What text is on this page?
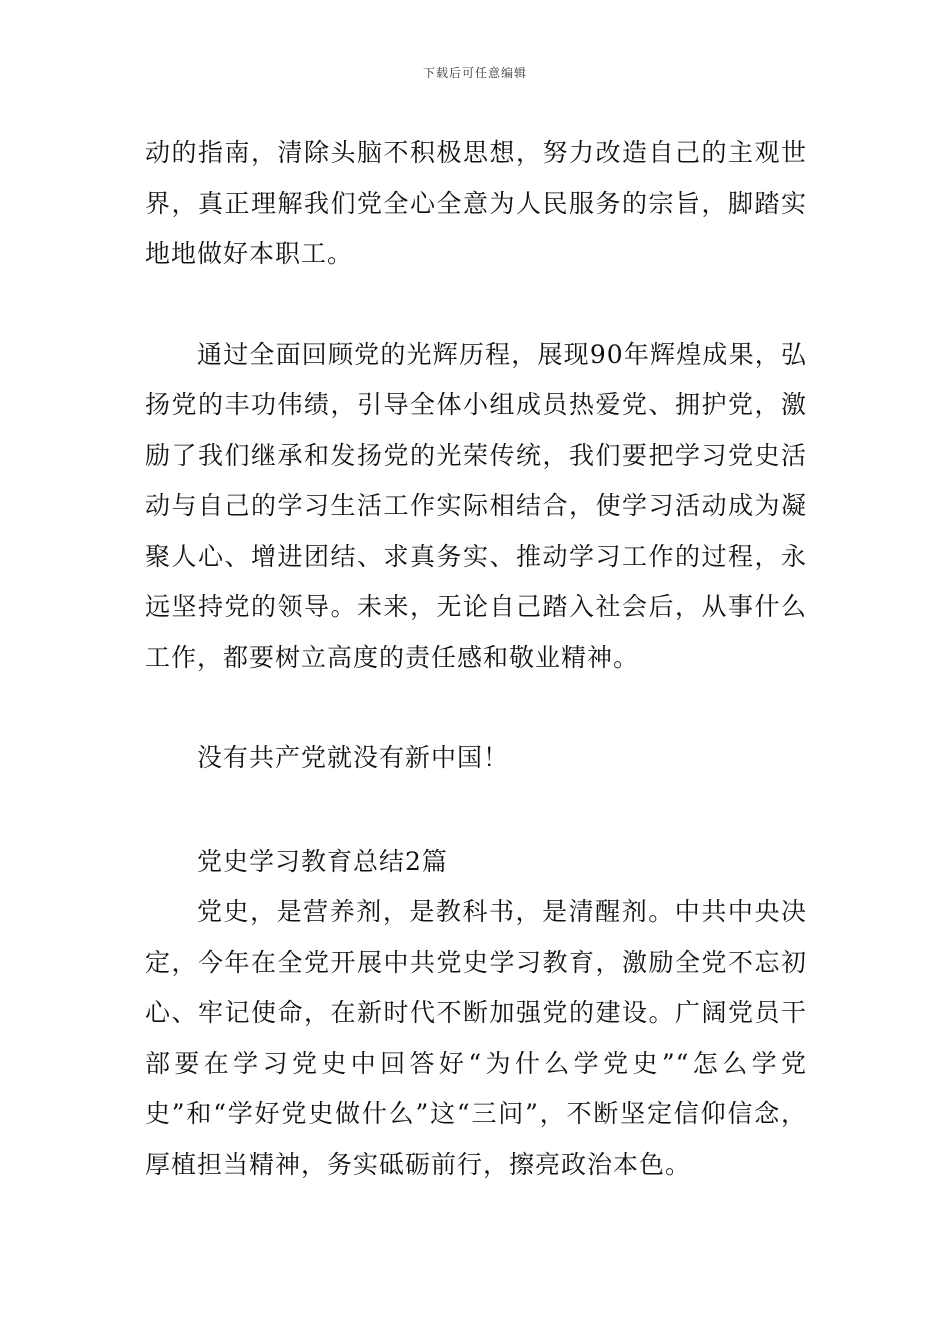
下载后可任意编辑

动的指南，清除头脑不积极思想，努力改造自己的主观世界，真正理解我们党全心全意为人民服务的宗旨，脚踏实地地做好本职工。

通过全面回顾党的光辉历程，展现90年辉煌成果，弘扬党的丰功伟绩，引导全体小组成员热爱党、拥护党，激励了我们继承和发扬党的光荣传统，我们要把学习党史活动与自己的学习生活工作实际相结合，使学习活动成为凝聚人心、增进团结、求真务实、推动学习工作的过程，永远坚持党的领导。未来，无论自己踏入社会后，从事什么工作，都要树立高度的责任感和敬业精神。

没有共产党就没有新中国！

党史学习教育总结2篇

党史，是营养剂，是教科书，是清醒剂。中共中央决定，今年在全党开展中共党史学习教育，激励全党不忘初心、牢记使命，在新时代不断加强党的建设。广阔党员干部要在学习党史中回答好“为什么学党史”“怎么学党史”和“学好党史做什么”这“三问”，不断坚定信仰信念，厚植担当精神，务实砥砺前行，擦亮政治本色。
